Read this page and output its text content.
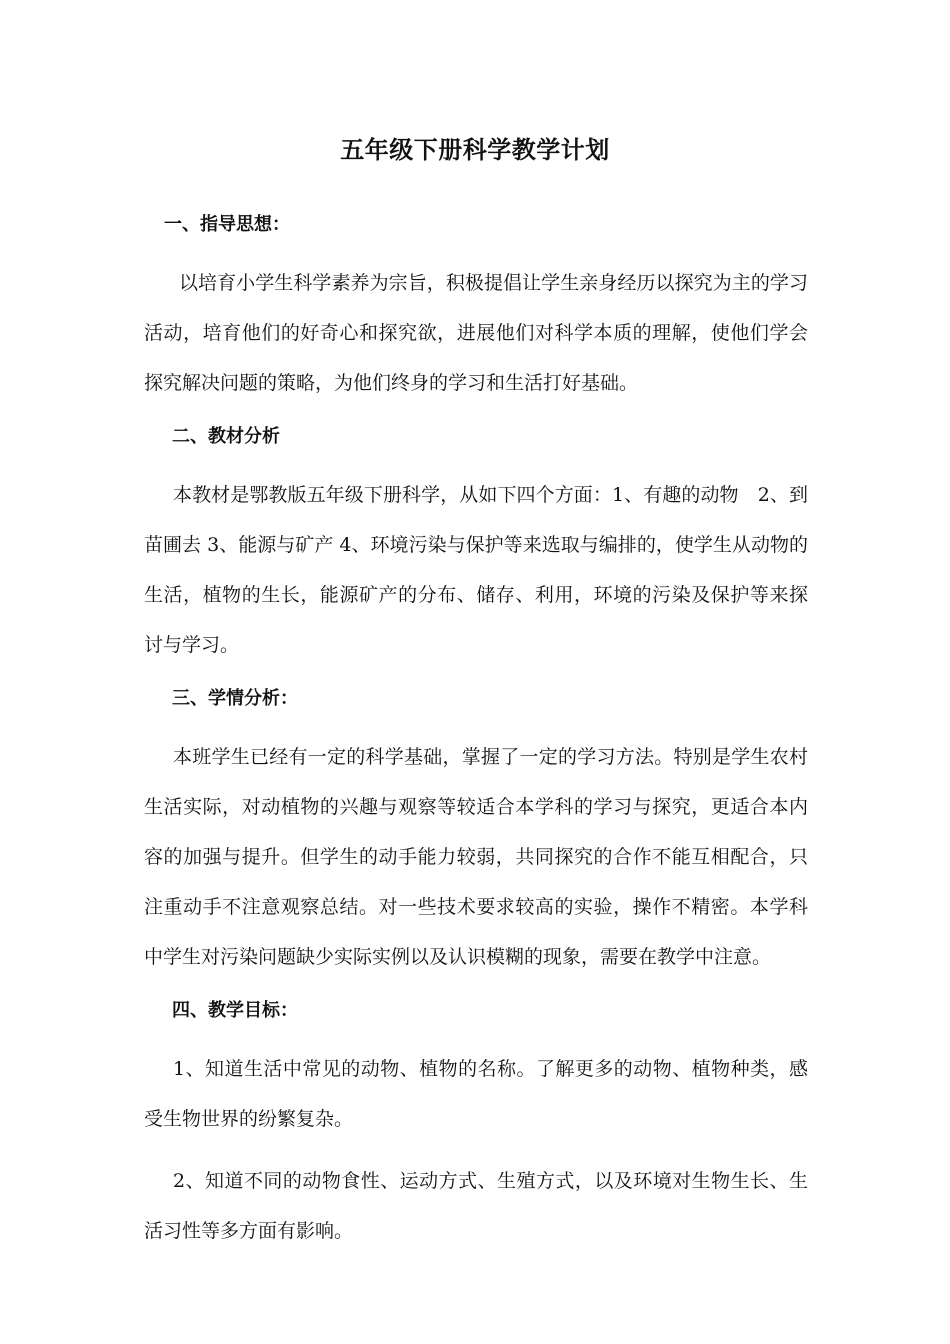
五年级下册科学教学计划
一、指导思想：

以培育小学生科学素养为宗旨，积极提倡让学生亲身经历以探究为主的学习活动，培育他们的好奇心和探究欲，进展他们对科学本质的理解，使他们学会探究解决问题的策略，为他们终身的学习和生活打好基础。

二、教材分析

本教材是鄂教版五年级下册科学，从如下四个方面：1、有趣的动物　2、到苗圃去 3、能源与矿产 4、环境污染与保护等来选取与编排的，使学生从动物的生活，植物的生长，能源矿产的分布、储存、利用，环境的污染及保护等来探讨与学习。

三、学情分析：

本班学生已经有一定的科学基础，掌握了一定的学习方法。特别是学生农村生活实际，对动植物的兴趣与观察等较适合本学科的学习与探究，更适合本内容的加强与提升。但学生的动手能力较弱，共同探究的合作不能互相配合，只注重动手不注意观察总结。对一些技术要求较高的实验，操作不精密。本学科中学生对污染问题缺少实际实例以及认识模糊的现象，需要在教学中注意。

四、教学目标：

1、知道生活中常见的动物、植物的名称。了解更多的动物、植物种类，感受生物世界的纷繁复杂。

2、知道不同的动物食性、运动方式、生殖方式，以及环境对生物生长、生活习性等多方面有影响。
